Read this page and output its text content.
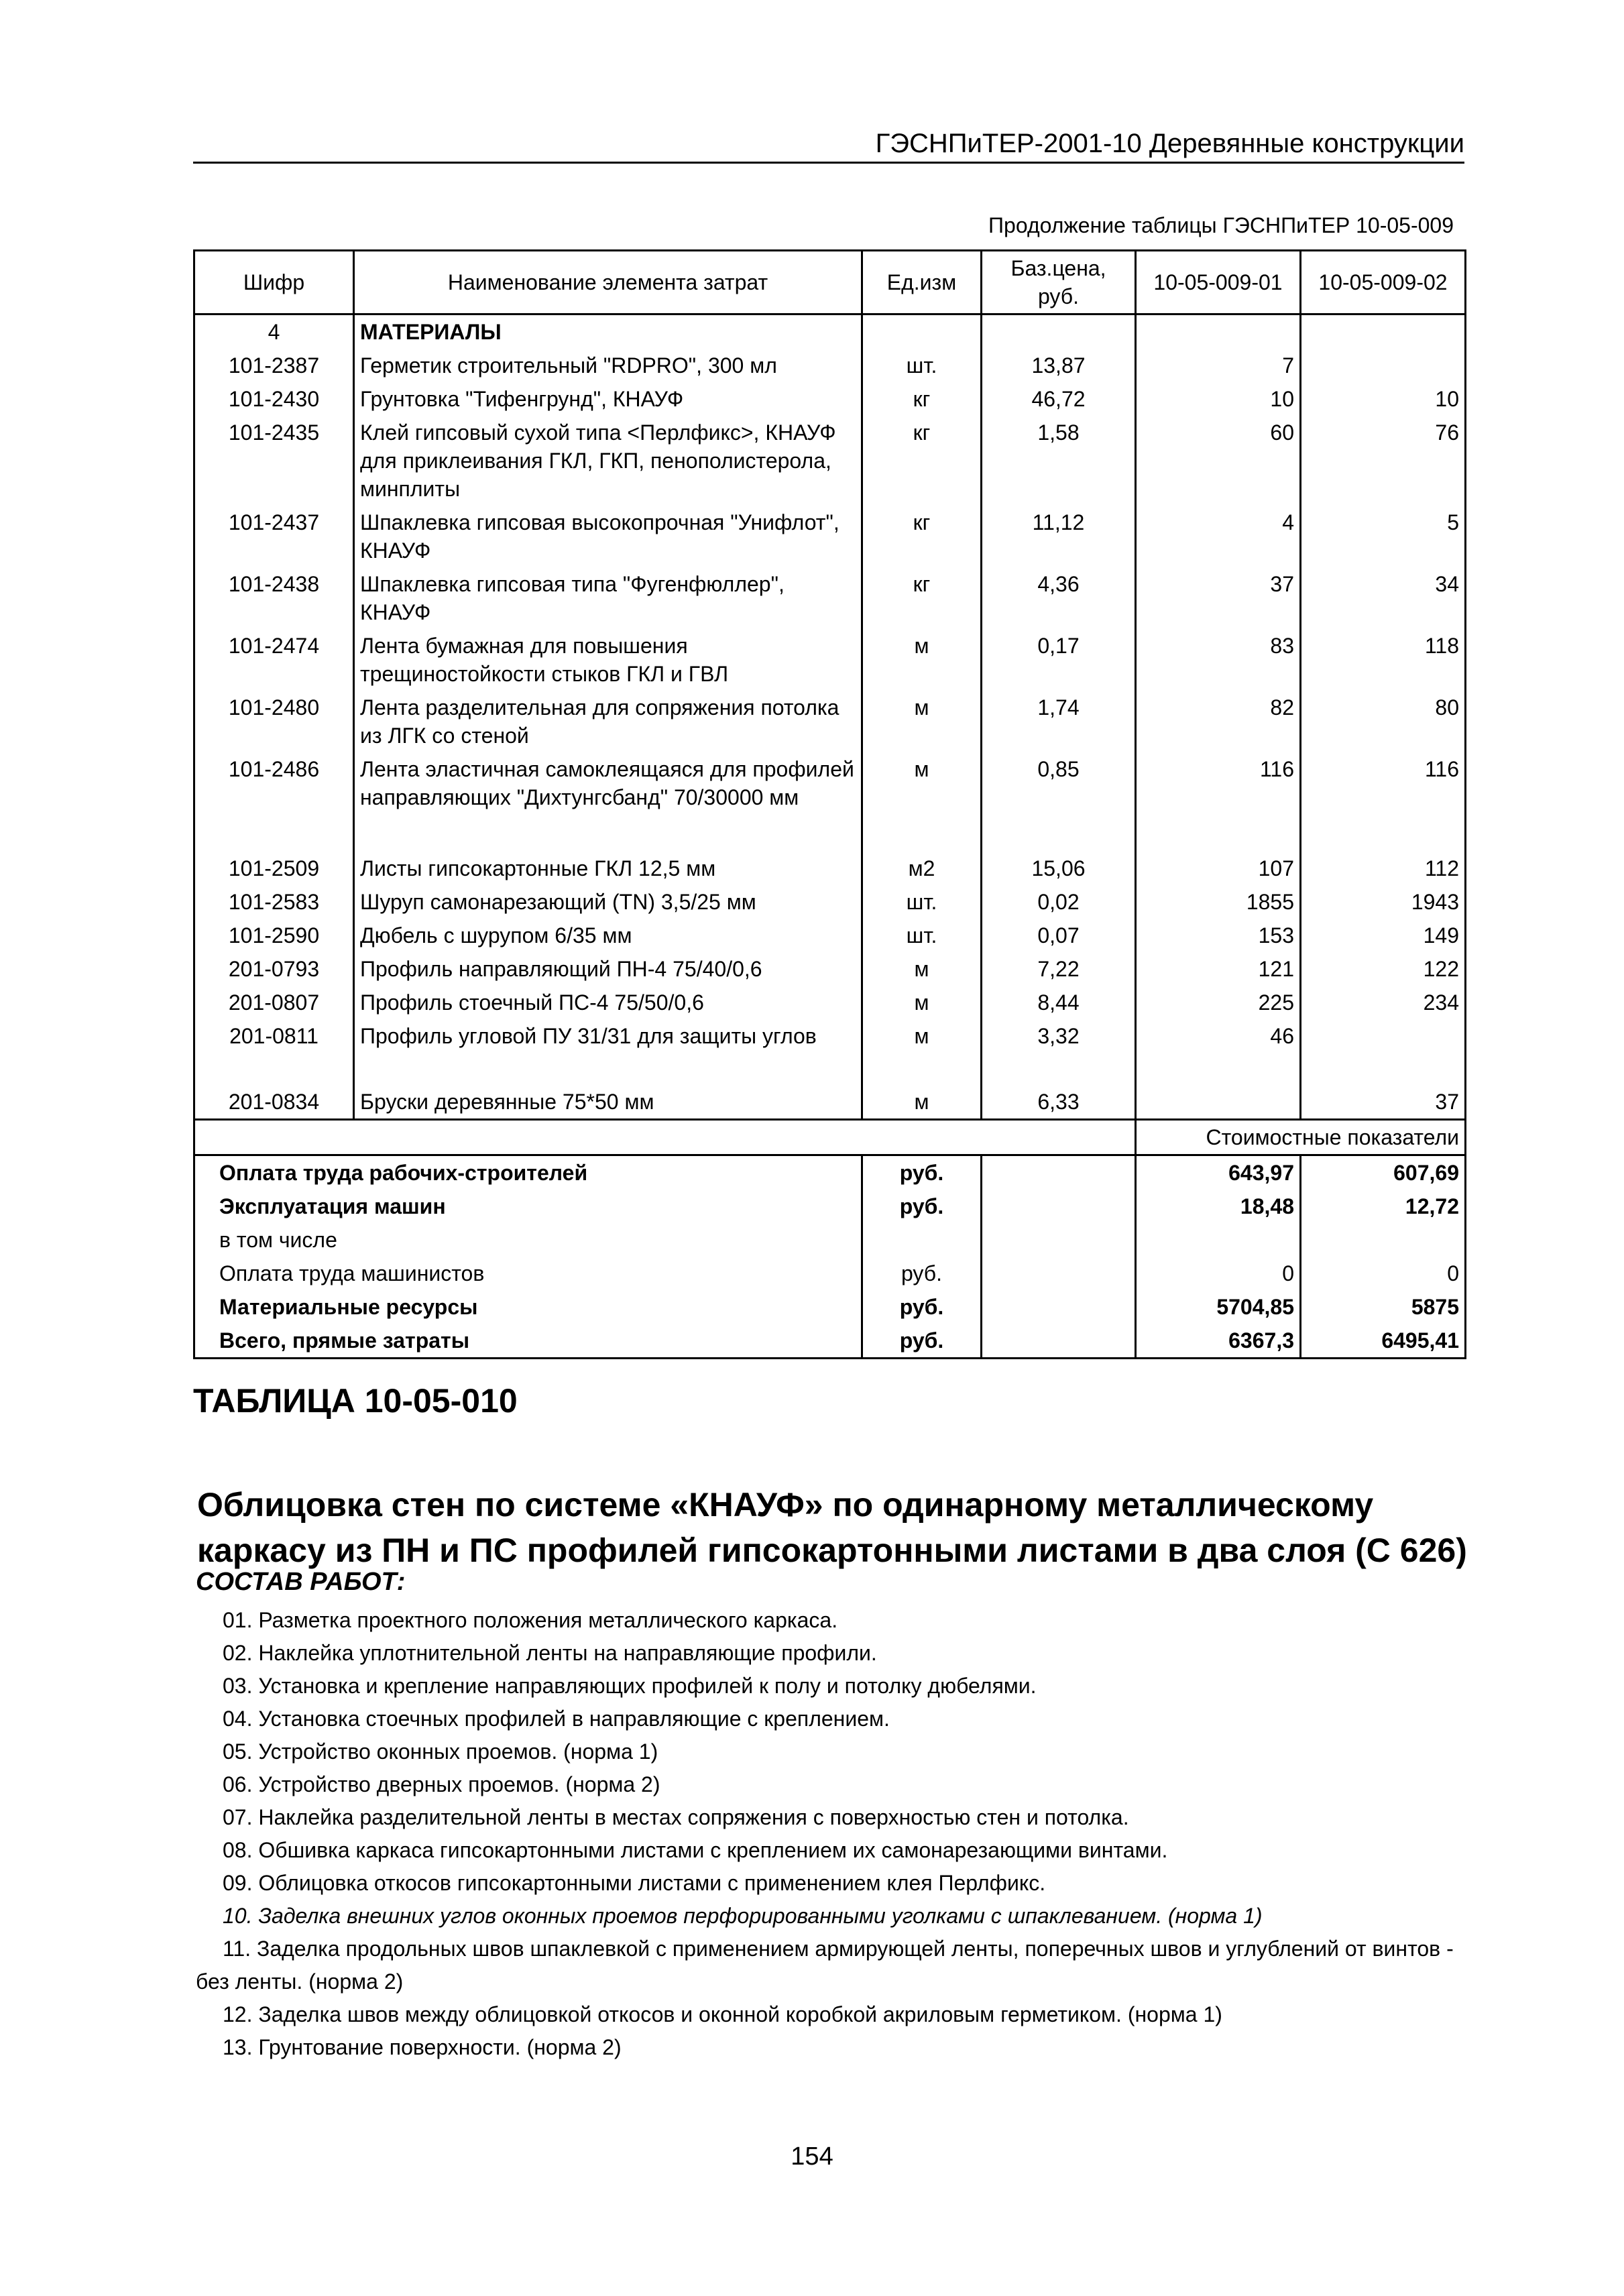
ГЭСНПиТЕР-2001-10 Деревянные конструкции
Продолжение таблицы ГЭСНПиТЕР 10-05-009
Шифр	Наименование элемента затрат	Ед.изм	Баз.цена, руб.	10-05-009-01	10-05-009-02
4	МАТЕРИАЛЫ				
101-2387	Герметик строительный "RDPRO", 300 мл	шт.	13,87	7	
101-2430	Грунтовка "Тифенгрунд", КНАУФ	кг	46,72	10	10
101-2435	Клей гипсовый сухой типа <Перлфикс>, КНАУФ для приклеивания ГКЛ, ГКП, пенополистерола, минплиты	кг	1,58	60	76
101-2437	Шпаклевка гипсовая высокопрочная "Унифлот", КНАУФ	кг	11,12	4	5
101-2438	Шпаклевка гипсовая типа "Фугенфюллер", КНАУФ	кг	4,36	37	34
101-2474	Лента бумажная для повышения трещиностойкости стыков ГКЛ и ГВЛ	м	0,17	83	118
101-2480	Лента разделительная для сопряжения потолка из ЛГК со стеной	м	1,74	82	80
101-2486	Лента эластичная самоклеящаяся для профилей направляющих "Дихтунгсбанд" 70/30000 мм	м	0,85	116	116

101-2509	Листы гипсокартонные ГКЛ 12,5 мм	м2	15,06	107	112
101-2583	Шуруп самонарезающий (TN) 3,5/25 мм	шт.	0,02	1855	1943
101-2590	Дюбель с шурупом 6/35 мм	шт.	0,07	153	149
201-0793	Профиль направляющий ПН-4 75/40/0,6	м	7,22	121	122
201-0807	Профиль стоечный ПС-4 75/50/0,6	м	8,44	225	234
201-0811	Профиль угловой ПУ 31/31 для защиты углов	м	3,32	46	

201-0834	Бруски деревянные 75*50 мм	м	6,33		37
				Стоимостные показатели	
Оплата труда рабочих-строителей		руб.		643,97	607,69
Эксплуатация машин		руб.		18,48	12,72
в том числе					
Оплата труда машинистов		руб.		0	0
Материальные ресурсы		руб.		5704,85	5875
Всего, прямые затраты		руб.		6367,3	6495,41
ТАБЛИЦА 10-05-010
Облицовка стен по системе «КНАУФ» по одинарному металлическому каркасу из ПН и ПС профилей гипсокартонными листами в два слоя (С 626)
СОСТАВ РАБОТ:
01. Разметка проектного положения металлического каркаса.
02. Наклейка уплотнительной ленты на направляющие профили.
03. Установка и крепление направляющих профилей к полу и потолку дюбелями.
04. Установка стоечных профилей в направляющие с креплением.
05. Устройство оконных проемов. (норма 1)
06. Устройство дверных проемов. (норма 2)
07. Наклейка разделительной ленты в местах сопряжения с поверхностью стен и потолка.
08. Обшивка каркаса гипсокартонными листами с креплением их самонарезающими винтами.
09. Облицовка откосов гипсокартонными листами с применением клея Перлфикс.
10. Заделка внешних углов оконных проемов перфорированными уголками с шпаклеванием. (норма 1)
11. Заделка продольных швов шпаклевкой с применением армирующей ленты, поперечных швов и углублений от винтов - без ленты. (норма 2)
12. Заделка швов между облицовкой откосов и оконной коробкой акриловым герметиком. (норма 1)
13. Грунтование поверхности. (норма 2)
154
